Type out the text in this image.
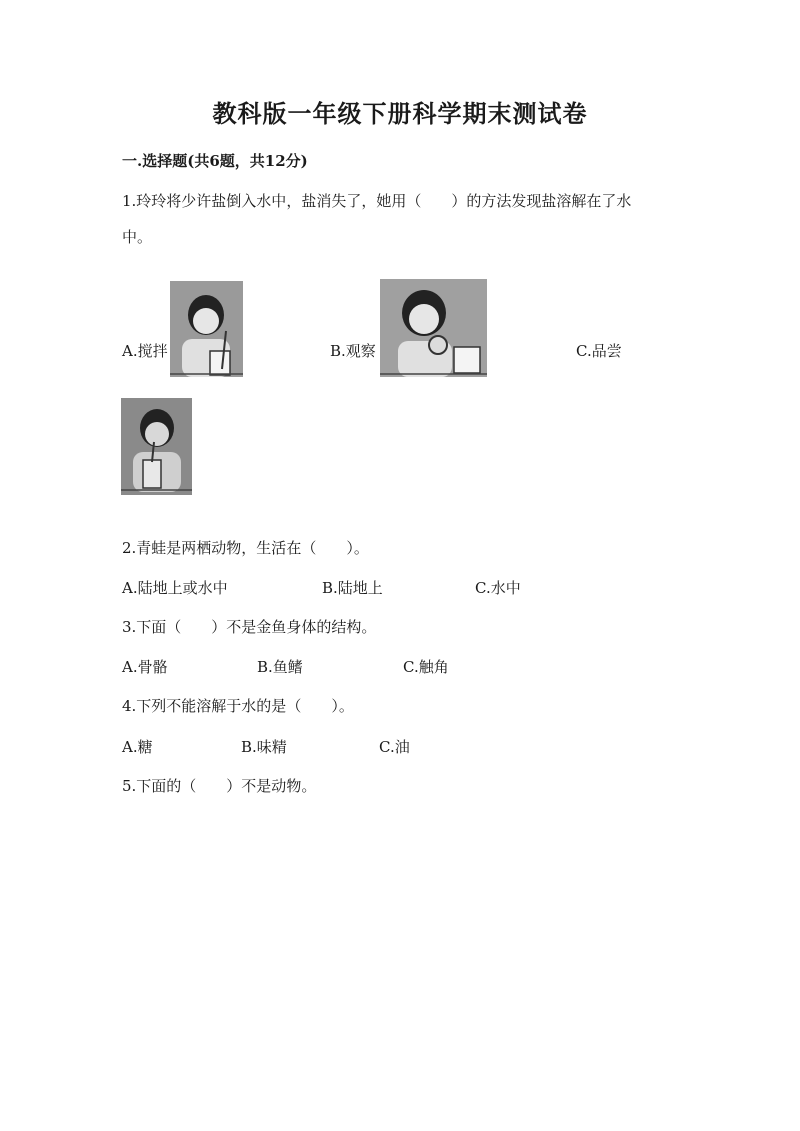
教科版一年级下册科学期末测试卷
一.选择题(共6题，共12分)
1.玲玲将少许盐倒入水中，盐消失了，她用（　　）的方法发现盐溶解在了水
中。
A.搅拌	B.观察	C.品尝
2.青蛙是两栖动物，生活在（　　）。
A.陆地上或水中	B.陆地上	C.水中
3.下面（　　）不是金鱼身体的结构。
A.骨骼	B.鱼鳍	C.触角
4.下列不能溶解于水的是（　　）。
A.糖	B.味精	C.油
5.下面的（　　）不是动物。
